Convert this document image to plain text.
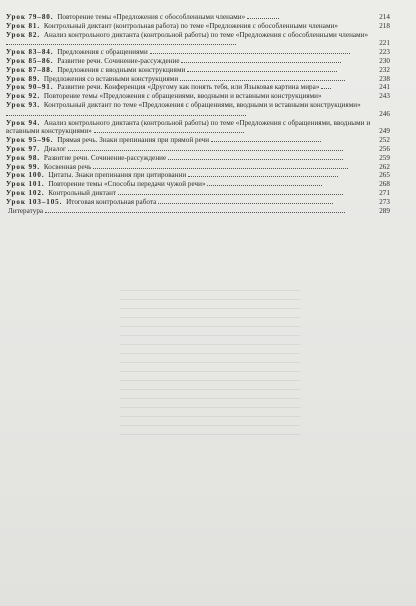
Урок 79–80. Повторение темы «Предложения с обособленными членами»	214
Урок 81. Контрольный диктант (контрольная работа) по теме «Предложения с обособленными членами»	218
Урок 82. Анализ контрольного диктанта (контрольной работы) по теме «Предложения с обособленными членами»
221
Урок 83–84. Предложения с обращениями	223
Урок 85–86. Развитие речи. Сочинение-рассуждение	230
Урок 87–88. Предложения с вводными конструкциями	232
Урок 89. Предложения со вставными конструкциями	238
Урок 90–91. Развитие речи. Конференция «Другому как понять тебя, или Языковая картина мира»	241
Урок 92. Повторение темы «Предложения с обращениями, вводными и вставными конструкциями»	243
Урок 93. Контрольный диктант по теме «Предложения с обращениями, вводными и вставными конструкциями»
246
Урок 94. Анализ контрольного диктанта (контрольной работы) по теме «Предложения с обращениями, вводными и вставными конструкциями»	249
Урок 95–96. Прямая речь. Знаки препинания при прямой речи	252
Урок 97. Диалог	256
Урок 98. Развитие речи. Сочинение-рассуждение	259
Урок 99. Косвенная речь	262
Урок 100. Цитаты. Знаки препинания при цитировании	265
Урок 101. Повторение темы «Способы передачи чужой речи»	268
Урок 102. Контрольный диктант	271
Урок 103–105. Итоговая контрольная работа	273
Литература	289
